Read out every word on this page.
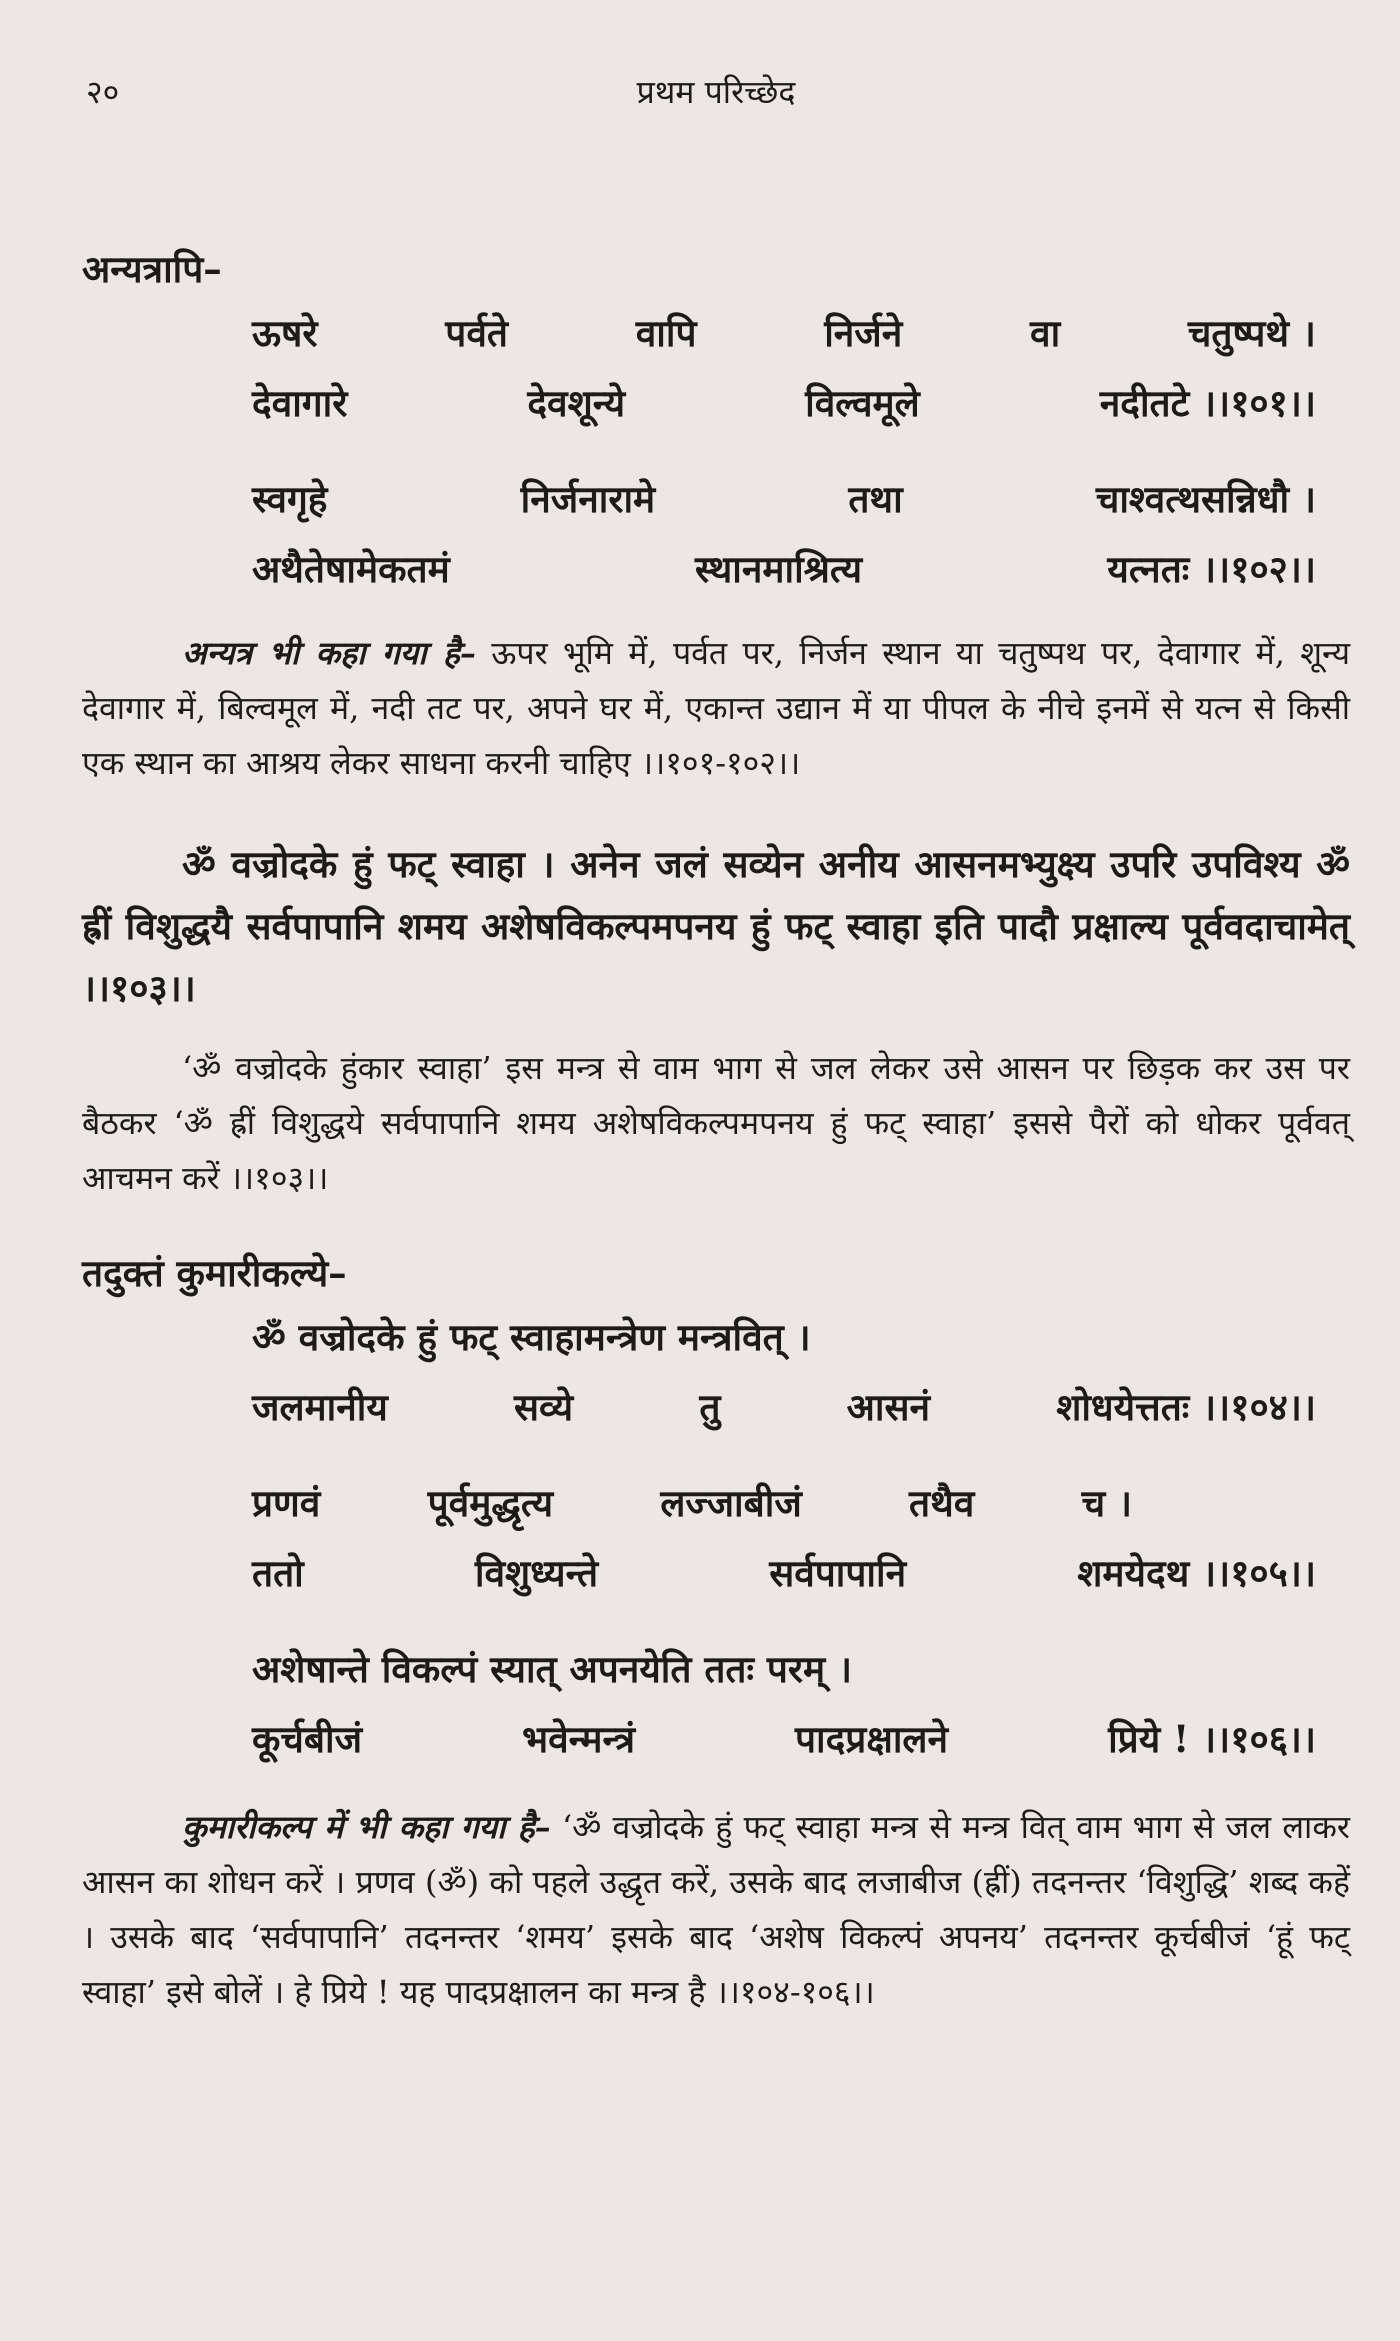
२०	प्रथम परिच्छेद

अन्यत्रापि–

ऊषरे	पर्वते	वापि	निर्जने	वा	चतुष्पथे ।
देवागारे	देवशून्ये	विल्वमूले	नदीतटे ।।१०१।।
स्वगृहे	निर्जनारामे	तथा	चाश्वत्थसन्निधौ ।
अथैतेषामेकतमं	स्थानमाश्रित्य	यत्नतः ।।१०२।।

अन्यत्र भी कहा गया है– ऊपर भूमि में, पर्वत पर, निर्जन स्थान या चतुष्पथ पर, देवागार में, शून्य देवागार में, बिल्वमूल में, नदी तट पर, अपने घर में, एकान्त उद्यान में या पीपल के नीचे इनमें से यत्न से किसी एक स्थान का आश्रय लेकर साधना करनी चाहिए ।।१०१-१०२।।

ॐ वज्रोदके हुं फट् स्वाहा । अनेन जलं सव्येन अनीय आसनमभ्युक्ष्य उपरि उपविश्य ॐ ह्रीं विशुद्धयै सर्वपापानि शमय अशेषविकल्पमपनय हुं फट् स्वाहा इति पादौ प्रक्षाल्य पूर्ववदाचामेत् ।।१०३।।

‘ॐ वज्रोदके हुंकार स्वाहा’ इस मन्त्र से वाम भाग से जल लेकर उसे आसन पर छिड़क कर उस पर बैठकर ‘ॐ ह्रीं विशुद्धये सर्वपापानि शमय अशेषविकल्पमपनय हुं फट् स्वाहा’ इससे पैरों को धोकर पूर्ववत् आचमन करें ।।१०३।।

तदुक्तं कुमारीकल्ये–

ॐ वज्रोदके हुं फट् स्वाहामन्त्रेण मन्त्रवित् ।
जलमानीय	सव्ये	तु	आसनं	शोधयेत्ततः ।।१०४।।
प्रणवं	पूर्वमुद्धृत्य	लज्जाबीजं	तथैव	च ।
ततो	विशुध्यन्ते	सर्वपापानि	शमयेदथ ।।१०५।।
अशेषान्ते विकल्पं स्यात् अपनयेति ततः परम् ।
कूर्चबीजं	भवेन्मन्त्रं	पादप्रक्षालने	प्रिये ! ।।१०६।।

कुमारीकल्प में भी कहा गया है– ‘ॐ वज्रोदके हुं फट् स्वाहा मन्त्र से मन्त्र वित् वाम भाग से जल लाकर आसन का शोधन करें । प्रणव (ॐ) को पहले उद्धृत करें, उसके बाद लजाबीज (ह्रीं) तदनन्तर ‘विशुद्धि’ शब्द कहें । उसके बाद ‘सर्वपापानि’ तदनन्तर ‘शमय’ इसके बाद ‘अशेष विकल्पं अपनय’ तदनन्तर कूर्चबीजं ‘हूं फट् स्वाहा’ इसे बोलें । हे प्रिये ! यह पादप्रक्षालन का मन्त्र है ।।१०४-१०६।।
